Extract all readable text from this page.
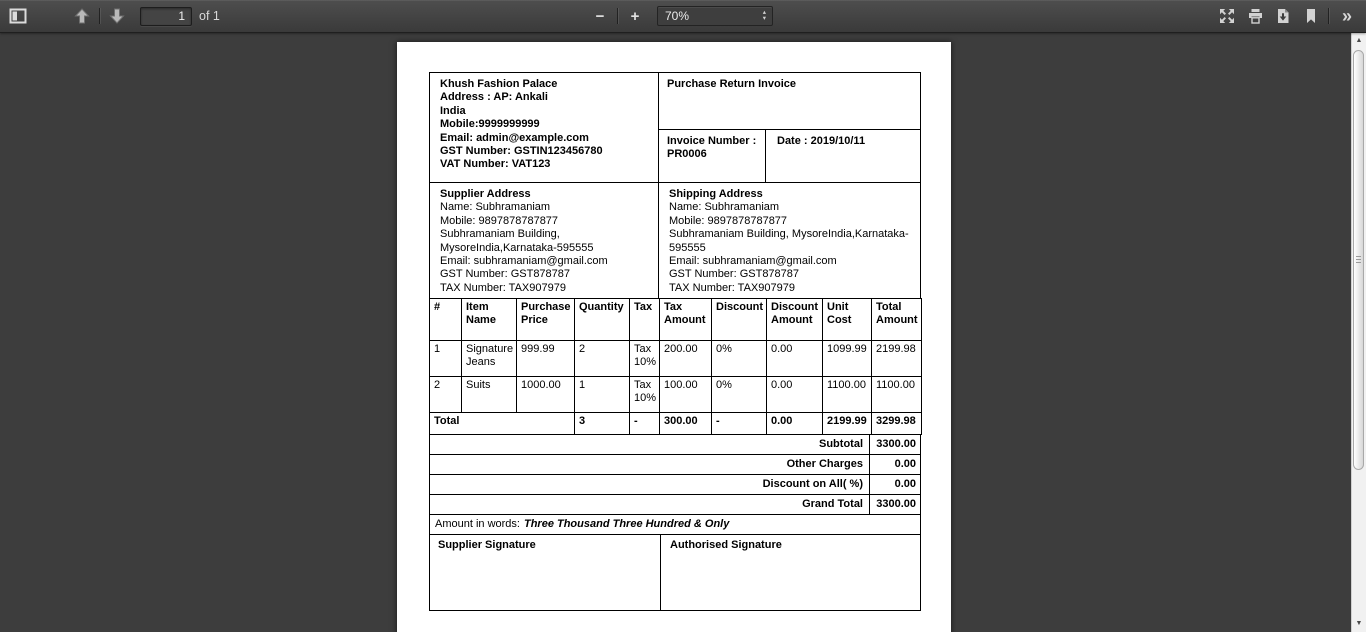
1
of 1	− + 70%	▴
▾	»
Khush Fashion Palace
Address : AP: Ankali
India
Mobile:9999999999
Email: admin@example.com
GST Number: GSTIN123456780
VAT Number: VAT123
Purchase Return Invoice
Invoice Number : PR0006
Date : 2019/10/11
Supplier Address
Name: Subhramaniam
Mobile: 9897878787877
Subhramaniam Building, MysoreIndia,Karnataka-595555
Email: subhramaniam@gmail.com
GST Number: GST878787
TAX Number: TAX907979
Shipping Address
Name: Subhramaniam
Mobile: 9897878787877
Subhramaniam Building, MysoreIndia,Karnataka-595555
Email: subhramaniam@gmail.com
GST Number: GST878787
TAX Number: TAX907979
#	Item Name	Purchase Price	Quantity	Tax	Tax Amount	Discount	Discount Amount	Unit Cost	Total Amount
1	Signature Jeans	999.99	2	Tax 10%	200.00	0%	0.00	1099.99	2199.98
2	Suits	1000.00	1	Tax 10%	100.00	0%	0.00	1100.00	1100.00
Total			3	-	300.00	-	0.00	2199.99	3299.98
Subtotal	3300.00
Other Charges	0.00
Discount on All( %)	0.00
Grand Total	3300.00
Amount in words: Three Thousand Three Hundred & Only
Supplier Signature	Authorised Signature
▲
▼
